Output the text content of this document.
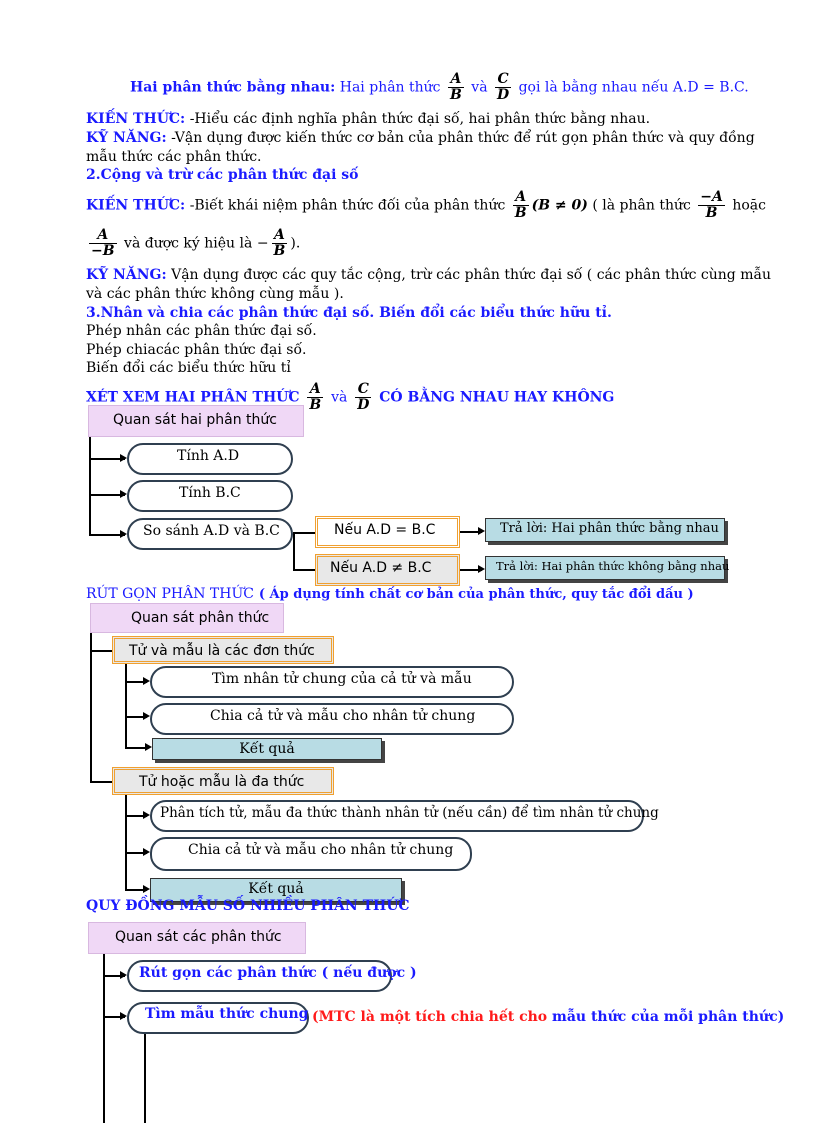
Hai phân thức bằng nhau: Hai phân thức $\frac{A}{B}$ và $\frac{C}{D}$ gọi là bằng nhau nếu A.D = B.C.
KIẾN THỨC: -Hiểu các định nghĩa phân thức đại số, hai phân thức bằng nhau.
KỸ NĂNG: -Vận dụng được kiến thức cơ bản của phân thức để rút gọn phân thức và quy đồng
mẫu thức các phân thức.
2.Cộng và trừ các phân thức đại số
KIẾN THỨC: -Biết khái niệm phân thức đối của phân thức $\frac{A}{B} (B \ne 0)$ ( là phân thức $\frac{-A}{B}$ hoặc
$\frac{A}{-B}$ và được ký hiệu là − $\frac{A}{B}$ ).
KỸ NĂNG: Vận dụng được các quy tắc cộng, trừ các phân thức đại số ( các phân thức cùng mẫu
và các phân thức không cùng mẫu ).
3.Nhân và chia các phân thức đại số. Biến đổi các biểu thức hữu tỉ.
Phép nhân các phân thức đại số.
Phép chiacác phân thức đại số.
Biến đổi các biểu thức hữu tỉ
XÉT XEM HAI PHÂN THỨC $\frac{A}{B}$ và $\frac{C}{D}$ CÓ BẰNG NHAU HAY KHÔNG
Quan sát hai phân thức
Tính A.D
Tính B.C
So sánh A.D và B.C	Nếu A.D = B.C
Nếu A.D ≠ B.C
Trả lời: Hai phân thức bằng nhau
Trả lời: Hai phân thức không bằng nhau
RÚT GỌN PHÂN THỨC ( Áp dụng tính chất cơ bản của phân thức, quy tắc đổi dấu )
Quan sát phân thức
Tử và mẫu là các đơn thức
Tìm nhân tử chung của cả tử và mẫu
Chia cả tử và mẫu cho nhân tử chung
Kết quả
Tử hoặc mẫu là đa thức
Phân tích tử, mẫu đa thức thành nhân tử (nếu cần) để tìm nhân tử chung
Chia cả tử và mẫu cho nhân tử chung
Kết quả
QUY ĐỒNG MẪU SỐ NHIỀU PHÂN THỨC
Quan sát các phân thức
Rút gọn các phân thức ( nếu được )
Tìm mẫu thức chung (MTC là một tích chia hết cho mẫu thức của mỗi phân thức)
